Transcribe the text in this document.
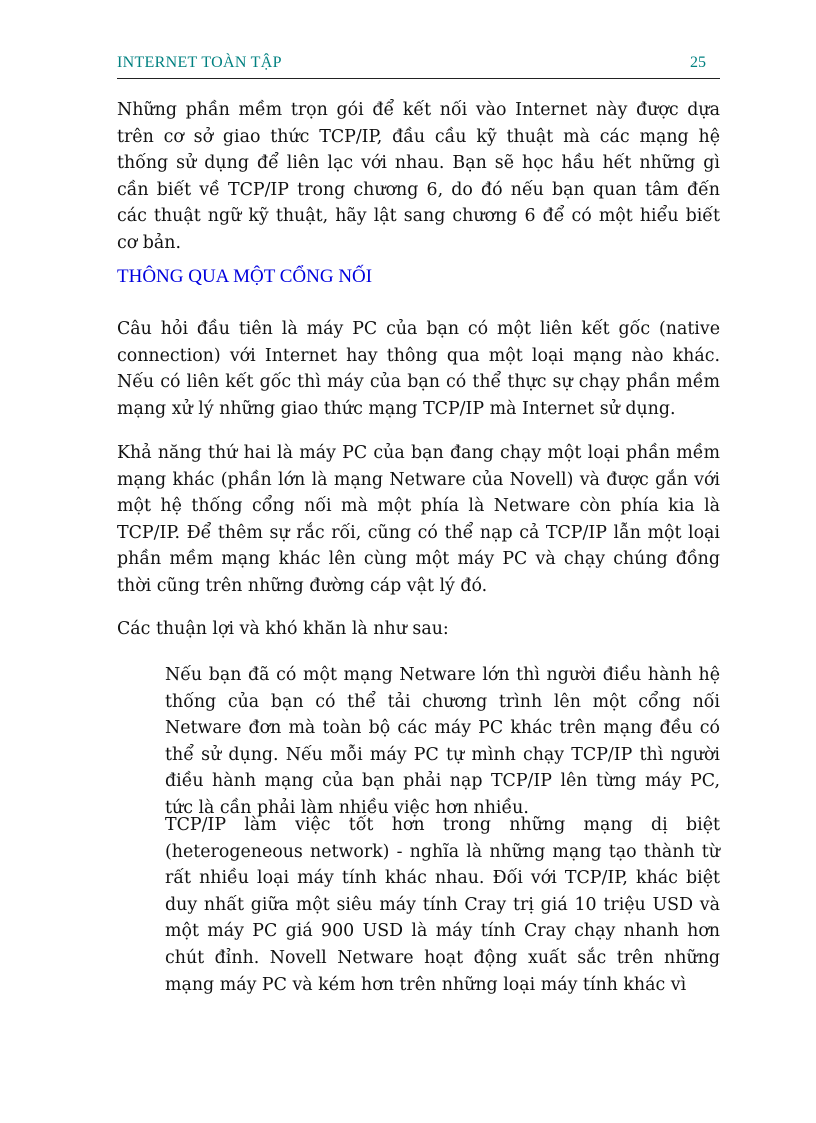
INTERNET TOÀN TẬP	25

Những phần mềm trọn gói để kết nối vào Internet này được dựa trên cơ sở giao thức TCP/IP, đầu cầu kỹ thuật mà các mạng hệ thống sử dụng để liên lạc với nhau. Bạn sẽ học hầu hết những gì cần biết về TCP/IP trong chương 6, do đó nếu bạn quan tâm đến các thuật ngữ kỹ thuật, hãy lật sang chương 6 để có một hiểu biết cơ bản.

THÔNG QUA MỘT CỔNG NỐI

Câu hỏi đầu tiên là máy PC của bạn có một liên kết gốc (native connection) với Internet hay thông qua một loại mạng nào khác. Nếu có liên kết gốc thì máy của bạn có thể thực sự chạy phần mềm mạng xử lý những giao thức mạng TCP/IP mà Internet sử dụng.

Khả năng thứ hai là máy PC của bạn đang chạy một loại phần mềm mạng khác (phần lớn là mạng Netware của Novell) và được gắn với một hệ thống cổng nối mà một phía là Netware còn phía kia là TCP/IP. Để thêm sự rắc rối, cũng có thể nạp cả TCP/IP lẫn một loại phần mềm mạng khác lên cùng một máy PC và chạy chúng đồng thời cũng trên những đường cáp vật lý đó.

Các thuận lợi và khó khăn là như sau:

Nếu bạn đã có một mạng Netware lớn thì người điều hành hệ thống của bạn có thể tải chương trình lên một cổng nối Netware đơn mà toàn bộ các máy PC khác trên mạng đều có thể sử dụng. Nếu mỗi máy PC tự mình chạy TCP/IP thì người điều hành mạng của bạn phải nạp TCP/IP lên từng máy PC, tức là cần phải làm nhiều việc hơn nhiều.

TCP/IP làm việc tốt hơn trong những mạng dị biệt (heterogeneous network) - nghĩa là những mạng tạo thành từ rất nhiều loại máy tính khác nhau. Đối với TCP/IP, khác biệt duy nhất giữa một siêu máy tính Cray trị giá 10 triệu USD và một máy PC giá 900 USD là máy tính Cray chạy nhanh hơn chút đỉnh. Novell Netware hoạt động xuất sắc trên những mạng máy PC và kém hơn trên những loại máy tính khác vì
